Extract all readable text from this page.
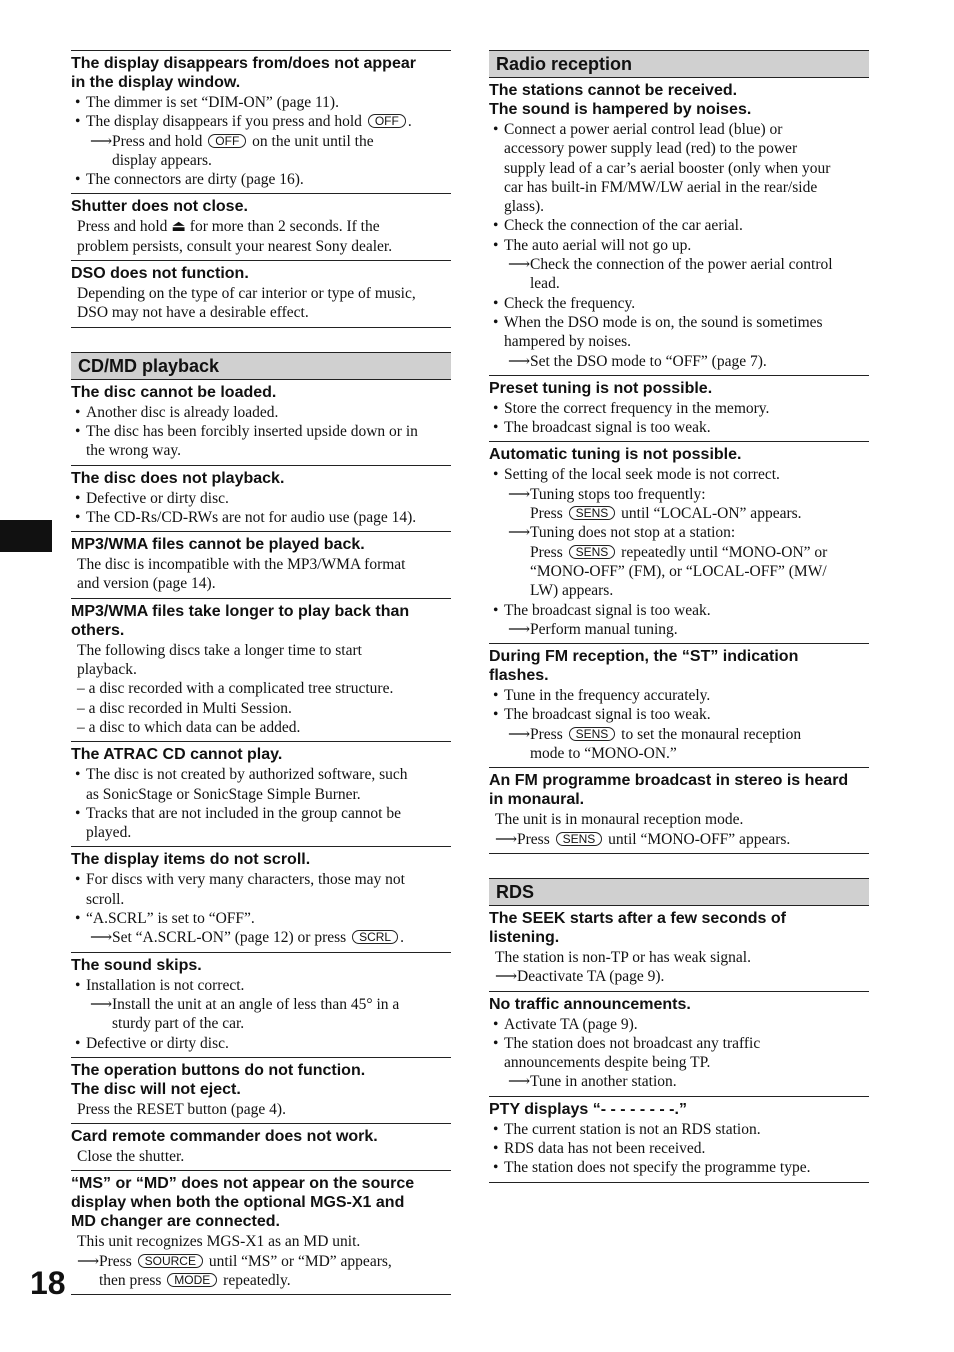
The display disappears from/does not appear
in the display window.
• The dimmer is set “DIM-ON” (page 11).
• The display disappears if you press and hold OFF .
⟶ Press and hold OFF on the unit until the
display appears.
• The connectors are dirty (page 16).
Shutter does not close.
Press and hold ⏏ for more than 2 seconds. If the
problem persists, consult your nearest Sony dealer.
DSO does not function.
Depending on the type of car interior or type of music,
DSO may not have a desirable effect.
CD/MD playback
The disc cannot be loaded.
• Another disc is already loaded.
• The disc has been forcibly inserted upside down or in
the wrong way.
The disc does not playback.
• Defective or dirty disc.
• The CD-Rs/CD-RWs are not for audio use (page 14).
MP3/WMA files cannot be played back.
The disc is incompatible with the MP3/WMA format
and version (page 14).
MP3/WMA files take longer to play back than
others.
The following discs take a longer time to start
playback.
– a disc recorded with a complicated tree structure.
– a disc recorded in Multi Session.
– a disc to which data can be added.
The ATRAC CD cannot play.
• The disc is not created by authorized software, such
as SonicStage or SonicStage Simple Burner.
• Tracks that are not included in the group cannot be
played.
The display items do not scroll.
• For discs with very many characters, those may not
scroll.
• “A.SCRL” is set to “OFF”.
⟶ Set “A.SCRL-ON” (page 12) or press SCRL .
The sound skips.
• Installation is not correct.
⟶ Install the unit at an angle of less than 45° in a
sturdy part of the car.
• Defective or dirty disc.
The operation buttons do not function.
The disc will not eject.
Press the RESET button (page 4).
Card remote commander does not work.
Close the shutter.
“MS” or “MD” does not appear on the source
display when both the optional MGS-X1 and
MD changer are connected.
This unit recognizes MGS-X1 as an MD unit.
⟶ Press SOURCE until “MS” or “MD” appears,
then press MODE repeatedly.
Radio reception
The stations cannot be received.
The sound is hampered by noises.
• Connect a power aerial control lead (blue) or
accessory power supply lead (red) to the power
supply lead of a car’s aerial booster (only when your
car has built-in FM/MW/LW aerial in the rear/side
glass).
• Check the connection of the car aerial.
• The auto aerial will not go up.
⟶ Check the connection of the power aerial control
lead.
• Check the frequency.
• When the DSO mode is on, the sound is sometimes
hampered by noises.
⟶ Set the DSO mode to “OFF” (page 7).
Preset tuning is not possible.
• Store the correct frequency in the memory.
• The broadcast signal is too weak.
Automatic tuning is not possible.
• Setting of the local seek mode is not correct.
⟶ Tuning stops too frequently:
Press SENS until “LOCAL-ON” appears.
⟶ Tuning does not stop at a station:
Press SENS repeatedly until “MONO-ON” or
“MONO-OFF” (FM), or “LOCAL-OFF” (MW/
LW) appears.
• The broadcast signal is too weak.
⟶ Perform manual tuning.
During FM reception, the “ST” indication
flashes.
• Tune in the frequency accurately.
• The broadcast signal is too weak.
⟶ Press SENS to set the monaural reception
mode to “MONO-ON.”
An FM programme broadcast in stereo is heard
in monaural.
The unit is in monaural reception mode.
⟶ Press SENS until “MONO-OFF” appears.
RDS
The SEEK starts after a few seconds of
listening.
The station is non-TP or has weak signal.
⟶ Deactivate TA (page 9).
No traffic announcements.
• Activate TA (page 9).
• The station does not broadcast any traffic
announcements despite being TP.
⟶ Tune in another station.
PTY displays “- - - - - - - -.”
• The current station is not an RDS station.
• RDS data has not been received.
• The station does not specify the programme type.
18
